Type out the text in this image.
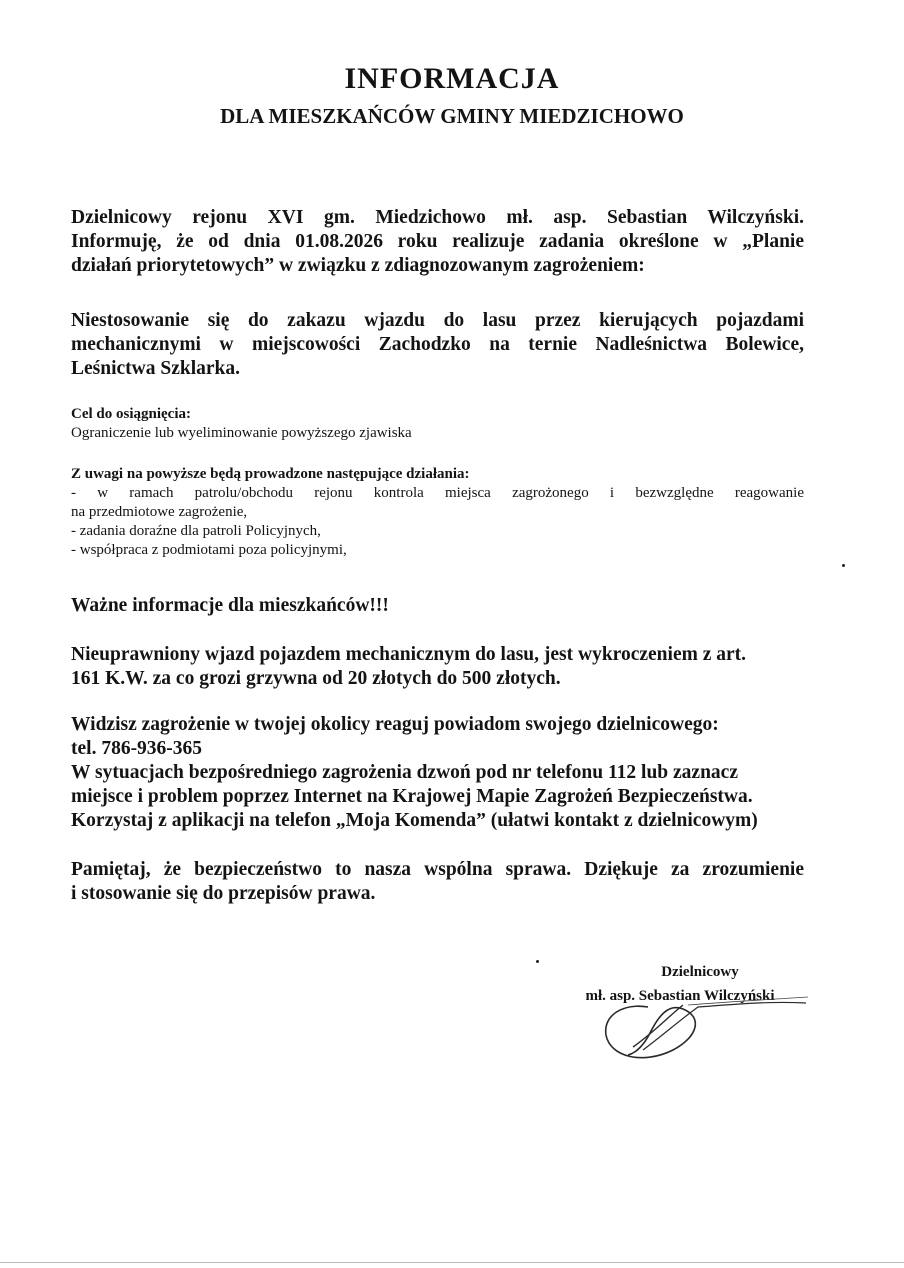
INFORMACJA
DLA MIESZKAŃCÓW GMINY MIEDZICHOWO

Dzielnicowy rejonu XVI gm. Miedzichowo mł. asp. Sebastian Wilczyński.
Informuję, że od dnia 01.08.2026 roku realizuje zadania określone w „Planie
działań priorytetowych” w związku z zdiagnozowanym zagrożeniem:

Niestosowanie się do zakazu wjazdu do lasu przez kierujących pojazdami
mechanicznymi w miejscowości Zachodzko na ternie Nadleśnictwa Bolewice,
Leśnictwa Szklarka.

Cel do osiągnięcia:
Ograniczenie lub wyeliminowanie powyższego zjawiska
Z uwagi na powyższe będą prowadzone następujące działania:
- w ramach patrolu/obchodu rejonu kontrola miejsca zagrożonego i bezwzględne reagowanie
na przedmiotowe zagrożenie,
- zadania doraźne dla patroli Policyjnych,
- współpraca z podmiotami poza policyjnymi,

Ważne informacje dla mieszkańców!!!

Nieuprawniony wjazd pojazdem mechanicznym do lasu, jest wykroczeniem z art.
161 K.W. za co grozi grzywna od 20 złotych do 500 złotych.

Widzisz zagrożenie w twojej okolicy reaguj powiadom swojego dzielnicowego:
tel. 786-936-365
W sytuacjach bezpośredniego zagrożenia dzwoń pod nr telefonu 112 lub zaznacz
miejsce i problem poprzez Internet na Krajowej Mapie Zagrożeń Bezpieczeństwa.
Korzystaj z aplikacji na telefon „Moja Komenda” (ułatwi kontakt z dzielnicowym)

Pamiętaj, że bezpieczeństwo to nasza wspólna sprawa. Dziękuje za zrozumienie
i stosowanie się do przepisów prawa.

Dzielnicowy
mł. asp. Sebastian Wilczyński
